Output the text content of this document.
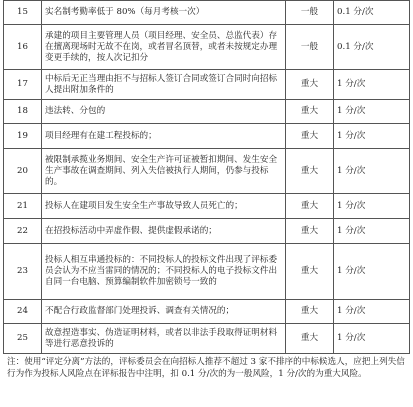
15	实名制考勤率低于 80%（每月考核一次）	一般	0.1 分/次
16	承建的项目主要管理人员（项目经理、安全员、总监代表）存在擅离现场时无故不在岗，或者冒名顶替，或者未按规定办理变更手续的，按人次记扣分	一般	0.1 分/次
17	中标后无正当理由拒不与招标人签订合同或签订合同时向招标人提出附加条件的	重大	1 分/次
18	违法转、分包的	重大	1 分/次
19	项目经理有在建工程投标的；	重大	1 分/次
20	被限制承揽业务期间、安全生产许可证被暂扣期间、发生安全生产事故在调查期间、列入失信被执行人期间，仍参与投标的。	重大	1 分/次
21	投标人在建项目发生安全生产事故导致人员死亡的；	重大	1 分/次
22	在招投标活动中弄虚作假、提供虚假承诺的；	重大	1 分/次
23	投标人相互串通投标的：不同投标人的投标文件出现了评标委员会认为不应当雷同的情况的；不同投标人的电子投标文件出自同一台电脑、预算编制软件加密锁号一致的	重大	1 分/次
24	不配合行政监督部门处理投诉、调查有关情况的；	重大	1 分/次
25	故意捏造事实、伪造证明材料，或者以非法手段取得证明材料等进行恶意投诉的	重大	1 分/次
注：使用“评定分离”方法的，评标委员会在向招标人推荐不超过 3 家不排序的中标候选人，应把上列失信行为作为投标人风险点在评标报告中注明，扣 0.1 分/次的为一般风险，1 分/次的为重大风险。
